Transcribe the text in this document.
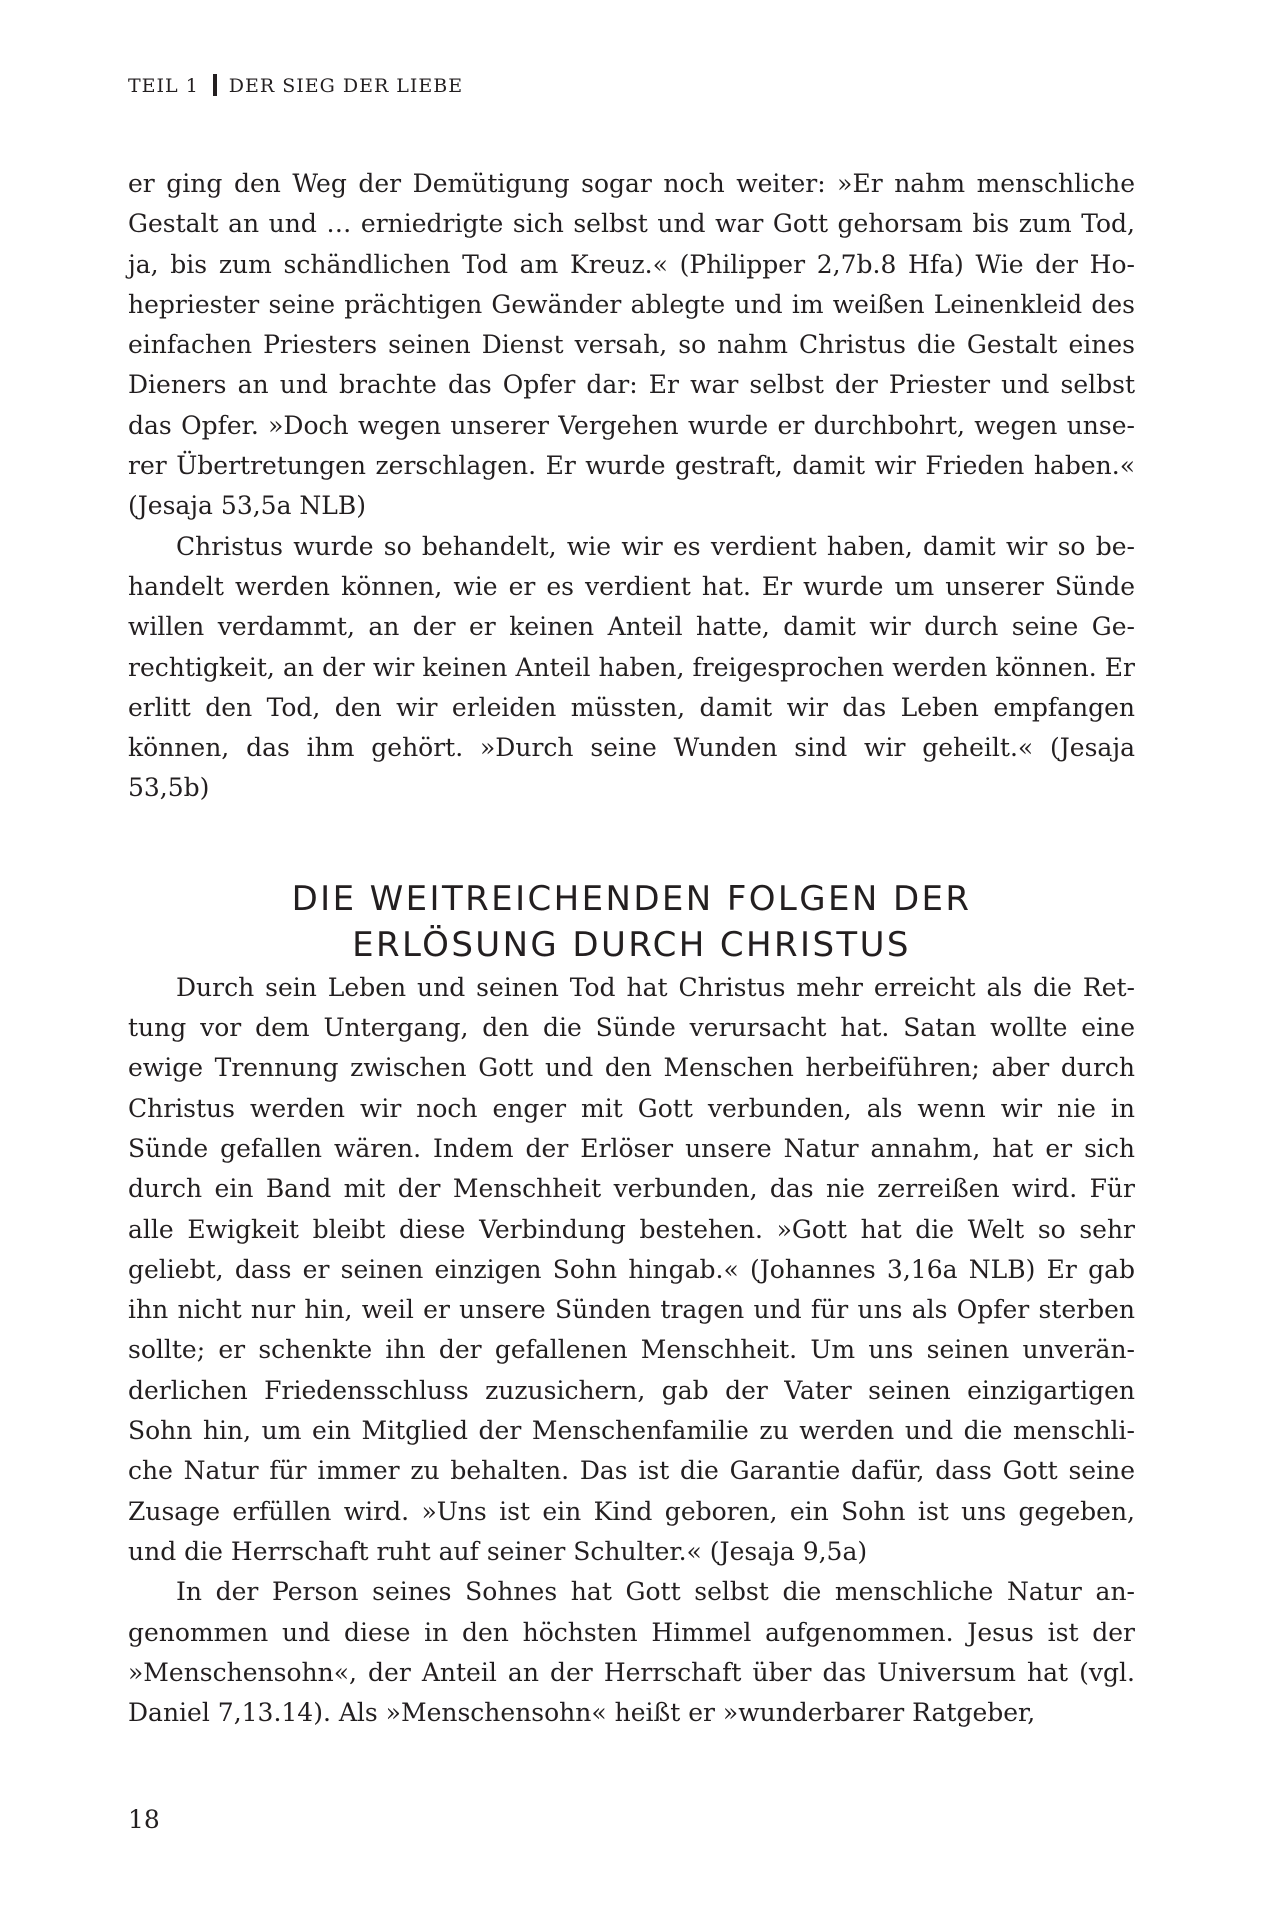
TEIL 1 DER SIEG DER LIEBE

er ging den Weg der Demütigung sogar noch weiter: »Er nahm menschliche Gestalt an und … erniedrigte sich selbst und war Gott gehorsam bis zum Tod, ja, bis zum schändlichen Tod am Kreuz.« (Philipper 2,7b.8 Hfa) Wie der Hohepriester seine prächtigen Gewänder ablegte und im weißen Leinenkleid des einfachen Priesters seinen Dienst versah, so nahm Christus die Gestalt eines Dieners an und brachte das Opfer dar: Er war selbst der Priester und selbst das Opfer. »Doch wegen unserer Vergehen wurde er durchbohrt, wegen unserer Übertretungen zerschlagen. Er wurde gestraft, damit wir Frieden haben.« (Jesaja 53,5a NLB)

Christus wurde so behandelt, wie wir es verdient haben, damit wir so behandelt werden können, wie er es verdient hat. Er wurde um unserer Sünde willen verdammt, an der er keinen Anteil hatte, damit wir durch seine Gerechtigkeit, an der wir keinen Anteil haben, freigesprochen werden können. Er erlitt den Tod, den wir erleiden müssten, damit wir das Leben empfangen können, das ihm gehört. »Durch seine Wunden sind wir geheilt.« (Jesaja 53,5b)

DIE WEITREICHENDEN FOLGEN DER
ERLÖSUNG DURCH CHRISTUS

Durch sein Leben und seinen Tod hat Christus mehr erreicht als die Rettung vor dem Untergang, den die Sünde verursacht hat. Satan wollte eine ewige Trennung zwischen Gott und den Menschen herbeiführen; aber durch Christus werden wir noch enger mit Gott verbunden, als wenn wir nie in Sünde gefallen wären. Indem der Erlöser unsere Natur annahm, hat er sich durch ein Band mit der Menschheit verbunden, das nie zerreißen wird. Für alle Ewigkeit bleibt diese Verbindung bestehen. »Gott hat die Welt so sehr geliebt, dass er seinen einzigen Sohn hingab.« (Johannes 3,16a NLB) Er gab ihn nicht nur hin, weil er unsere Sünden tragen und für uns als Opfer sterben sollte; er schenkte ihn der gefallenen Menschheit. Um uns seinen unveränderlichen Friedensschluss zuzusichern, gab der Vater seinen einzigartigen Sohn hin, um ein Mitglied der Menschenfamilie zu werden und die menschliche Natur für immer zu behalten. Das ist die Garantie dafür, dass Gott seine Zusage erfüllen wird. »Uns ist ein Kind geboren, ein Sohn ist uns gegeben, und die Herrschaft ruht auf seiner Schulter.« (Jesaja 9,5a)

In der Person seines Sohnes hat Gott selbst die menschliche Natur angenommen und diese in den höchsten Himmel aufgenommen. Jesus ist der »Menschensohn«, der Anteil an der Herrschaft über das Universum hat (vgl. Daniel 7,13.14). Als »Menschensohn« heißt er »wunderbarer Ratgeber,

18
